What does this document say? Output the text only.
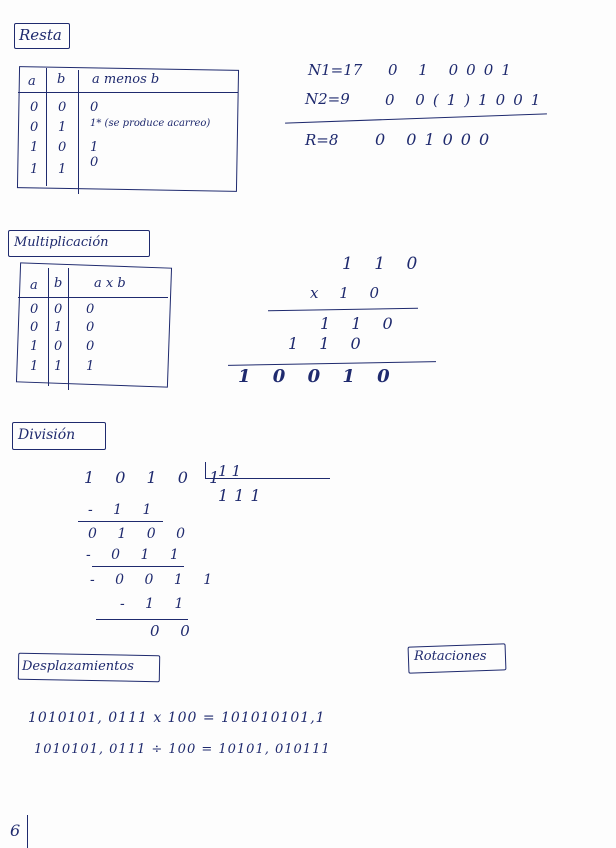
Resta
a b a menos b
0 0 0
0 1 1* (se produce acarreo)
1 0 1
1 1 0
N1=17 0 1 0001
N2=9 0 0(1)1001
R=8 0 01000
Multiplicación
a b a x b
0 0 0
0 1 0
1 0 0
1 1 1
1 1 0
x 1 0
1 1 0
1 1 0
1 0 0 1 0
División
1 0 1 0 1
11
111
- 1 1
0 1 0 0
- 0 1 1
- 0 0 1 1
- 1 1
0 0
Desplazamientos
Rotaciones
1010101, 0111 x 100 = 101010101,1
1010101, 0111 ÷ 100 = 10101, 010111
6
